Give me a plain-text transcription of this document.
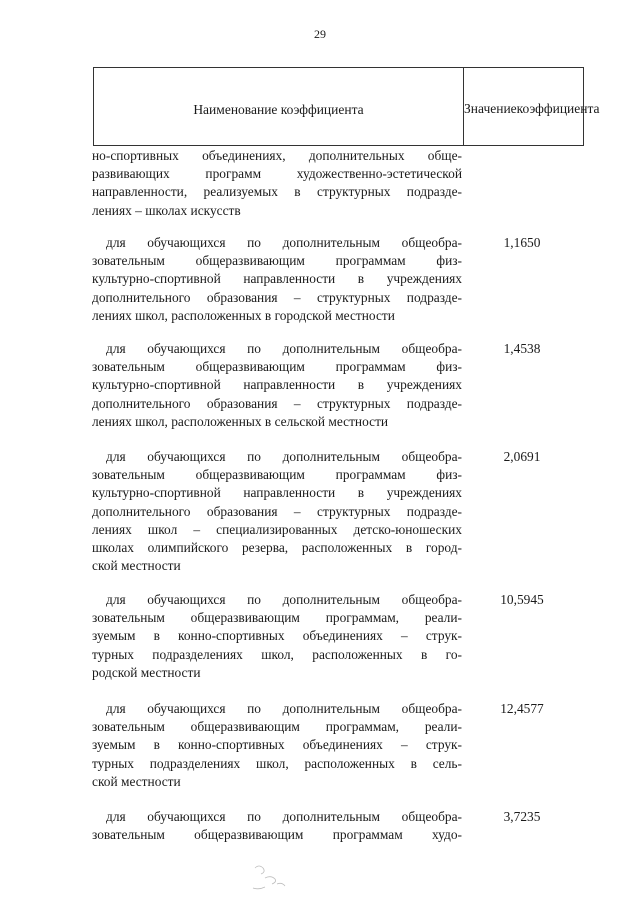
29
Наименование коэффициента	Значение коэффициента
но-спортивных объединениях, дополнительных обще-
развивающих программ художественно-эстетической
направленности, реализуемых в структурных подразде-
лениях – школах искусств
для обучающихся по дополнительным общеобра-
зовательным общеразвивающим программам физ-
культурно-спортивной направленности в учреждениях
дополнительного образования – структурных подразде-
лениях школ, расположенных в городской местности
1,1650
для обучающихся по дополнительным общеобра-
зовательным общеразвивающим программам физ-
культурно-спортивной направленности в учреждениях
дополнительного образования – структурных подразде-
лениях школ, расположенных в сельской местности
1,4538
для обучающихся по дополнительным общеобра-
зовательным общеразвивающим программам физ-
культурно-спортивной направленности в учреждениях
дополнительного образования – структурных подразде-
лениях школ – специализированных детско-юношеских
школах олимпийского резерва, расположенных в город-
ской местности
2,0691
для обучающихся по дополнительным общеобра-
зовательным общеразвивающим программам, реали-
зуемым в конно-спортивных объединениях – струк-
турных подразделениях школ, расположенных в го-
родской местности
10,5945
для обучающихся по дополнительным общеобра-
зовательным общеразвивающим программам, реали-
зуемым в конно-спортивных объединениях – струк-
турных подразделениях школ, расположенных в сель-
ской местности
12,4577
для обучающихся по дополнительным общеобра-
зовательным общеразвивающим программам худо-
3,7235
